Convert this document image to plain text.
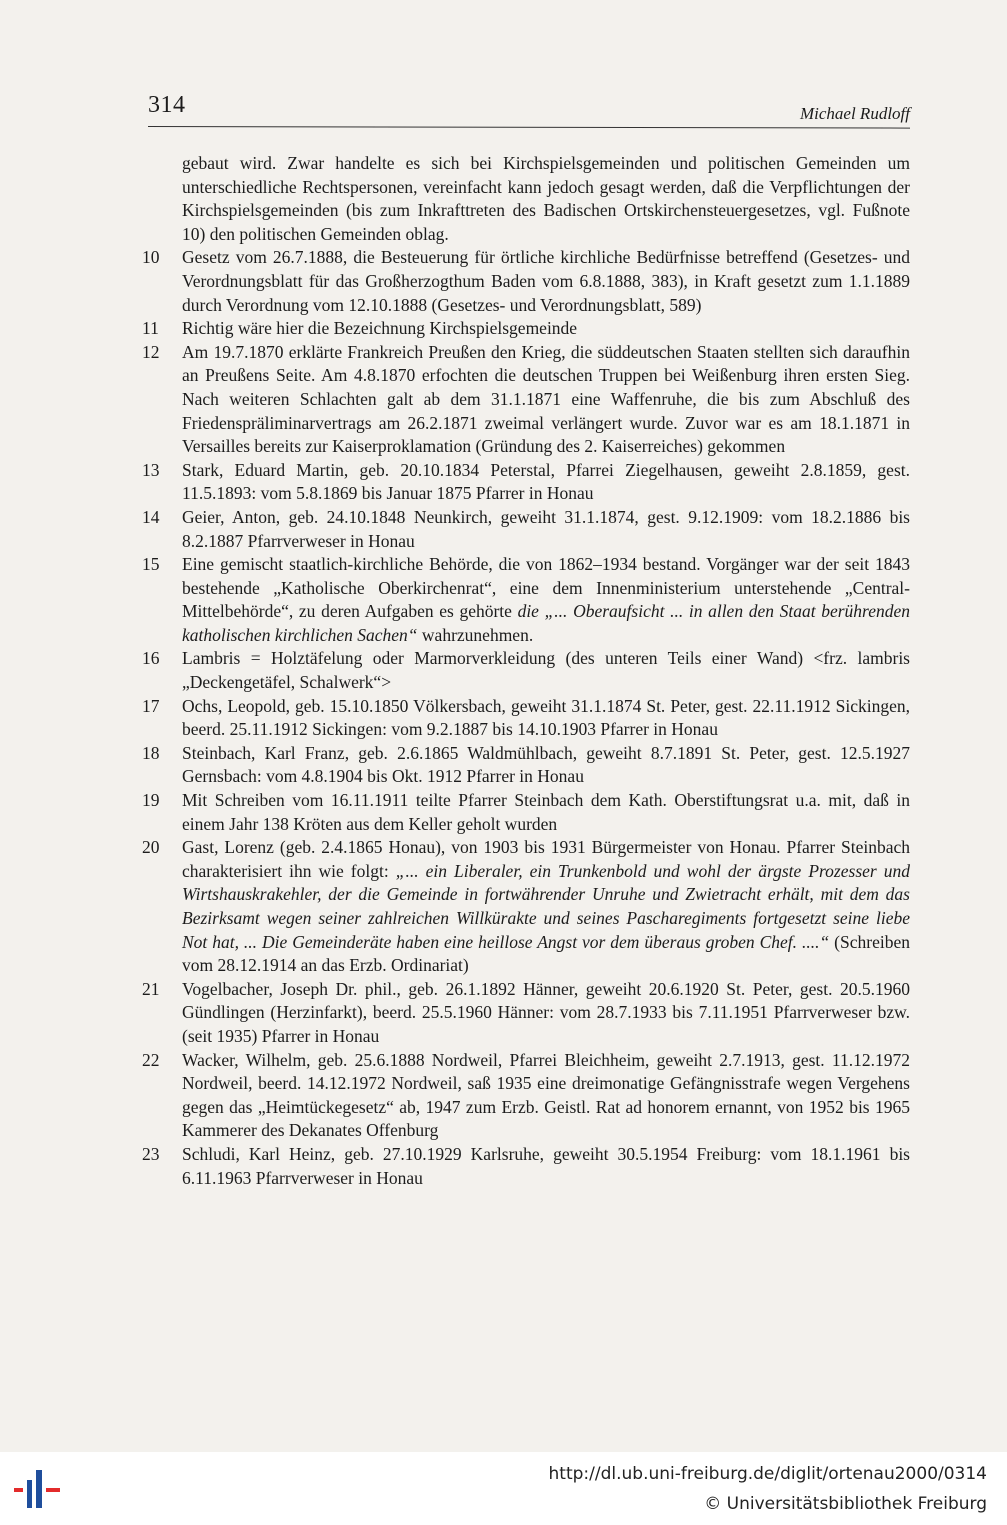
314	Michael Rudloff
gebaut wird. Zwar handelte es sich bei Kirchspielsgemeinden und politischen Gemeinden um unterschiedliche Rechtspersonen, vereinfacht kann jedoch gesagt werden, daß die Verpflichtungen der Kirchspielsgemeinden (bis zum Inkrafttreten des Badischen Ortskirchensteuergesetzes, vgl. Fußnote 10) den politischen Gemeinden oblag.
10	Gesetz vom 26.7.1888, die Besteuerung für örtliche kirchliche Bedürfnisse betreffend (Gesetzes- und Verordnungsblatt für das Großherzogthum Baden vom 6.8.1888, 383), in Kraft gesetzt zum 1.1.1889 durch Verordnung vom 12.10.1888 (Gesetzes- und Verordnungsblatt, 589)
11	Richtig wäre hier die Bezeichnung Kirchspielsgemeinde
12	Am 19.7.1870 erklärte Frankreich Preußen den Krieg, die süddeutschen Staaten stellten sich daraufhin an Preußens Seite. Am 4.8.1870 erfochten die deutschen Truppen bei Weißenburg ihren ersten Sieg. Nach weiteren Schlachten galt ab dem 31.1.1871 eine Waffenruhe, die bis zum Abschluß des Friedenspräliminarvertrags am 26.2.1871 zweimal verlängert wurde. Zuvor war es am 18.1.1871 in Versailles bereits zur Kaiserproklamation (Gründung des 2. Kaiserreiches) gekommen
13	Stark, Eduard Martin, geb. 20.10.1834 Peterstal, Pfarrei Ziegelhausen, geweiht 2.8.1859, gest. 11.5.1893: vom 5.8.1869 bis Januar 1875 Pfarrer in Honau
14	Geier, Anton, geb. 24.10.1848 Neunkirch, geweiht 31.1.1874, gest. 9.12.1909: vom 18.2.1886 bis 8.2.1887 Pfarrverweser in Honau
15	Eine gemischt staatlich-kirchliche Behörde, die von 1862–1934 bestand. Vorgänger war der seit 1843 bestehende „Katholische Oberkirchenrat“, eine dem Innenministerium unterstehende „Central-Mittelbehörde“, zu deren Aufgaben es gehörte die „... Oberaufsicht ... in allen den Staat berührenden katholischen kirchlichen Sachen“ wahrzunehmen.
16	Lambris = Holztäfelung oder Marmorverkleidung (des unteren Teils einer Wand) <frz. lambris „Deckengetäfel, Schalwerk“>
17	Ochs, Leopold, geb. 15.10.1850 Völkersbach, geweiht 31.1.1874 St. Peter, gest. 22.11.1912 Sickingen, beerd. 25.11.1912 Sickingen: vom 9.2.1887 bis 14.10.1903 Pfarrer in Honau
18	Steinbach, Karl Franz, geb. 2.6.1865 Waldmühlbach, geweiht 8.7.1891 St. Peter, gest. 12.5.1927 Gernsbach: vom 4.8.1904 bis Okt. 1912 Pfarrer in Honau
19	Mit Schreiben vom 16.11.1911 teilte Pfarrer Steinbach dem Kath. Oberstiftungsrat u.a. mit, daß in einem Jahr 138 Kröten aus dem Keller geholt wurden
20	Gast, Lorenz (geb. 2.4.1865 Honau), von 1903 bis 1931 Bürgermeister von Honau. Pfarrer Steinbach charakterisiert ihn wie folgt: „... ein Liberaler, ein Trunkenbold und wohl der ärgste Prozesser und Wirtshauskrakehler, der die Gemeinde in fortwährender Unruhe und Zwietracht erhält, mit dem das Bezirksamt wegen seiner zahlreichen Willkürakte und seines Pascharegiments fortgesetzt seine liebe Not hat, ... Die Gemeinderäte haben eine heillose Angst vor dem überaus groben Chef. ....“ (Schreiben vom 28.12.1914 an das Erzb. Ordinariat)
21	Vogelbacher, Joseph Dr. phil., geb. 26.1.1892 Hänner, geweiht 20.6.1920 St. Peter, gest. 20.5.1960 Gündlingen (Herzinfarkt), beerd. 25.5.1960 Hänner: vom 28.7.1933 bis 7.11.1951 Pfarrverweser bzw. (seit 1935) Pfarrer in Honau
22	Wacker, Wilhelm, geb. 25.6.1888 Nordweil, Pfarrei Bleichheim, geweiht 2.7.1913, gest. 11.12.1972 Nordweil, beerd. 14.12.1972 Nordweil, saß 1935 eine dreimonatige Gefängnisstrafe wegen Vergehens gegen das „Heimtückegesetz“ ab, 1947 zum Erzb. Geistl. Rat ad honorem ernannt, von 1952 bis 1965 Kammerer des Dekanates Offenburg
23	Schludi, Karl Heinz, geb. 27.10.1929 Karlsruhe, geweiht 30.5.1954 Freiburg: vom 18.1.1961 bis 6.11.1963 Pfarrverweser in Honau
http://dl.ub.uni-freiburg.de/diglit/ortenau2000/0314
© Universitätsbibliothek Freiburg
